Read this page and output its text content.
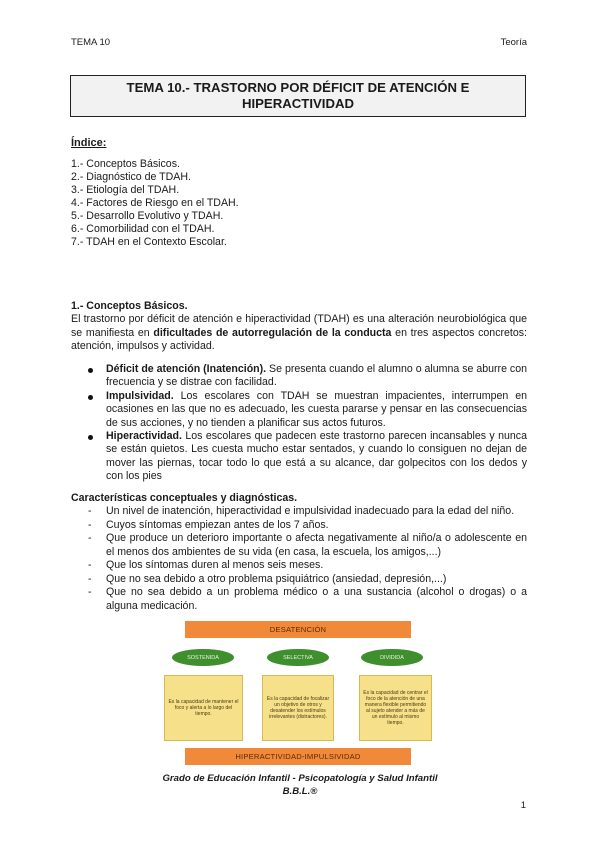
TEMA 10	Teoría
TEMA 10.- TRASTORNO POR DÉFICIT DE ATENCIÓN E
HIPERACTIVIDAD
Índice:
1.- Conceptos Básicos.
2.- Diagnóstico de TDAH.
3.- Etiología del TDAH.
4.- Factores de Riesgo en el TDAH.
5.- Desarrollo Evolutivo y TDAH.
6.- Comorbilidad con el TDAH.
7.- TDAH en el Contexto Escolar.
1.- Conceptos Básicos.

El trastorno por déficit de atención e hiperactividad (TDAH) es una alteración neurobiológica que se manifiesta en dificultades de autorregulación de la conducta en tres aspectos concretos: atención, impulsos y actividad.

Déficit de atención (Inatención). Se presenta cuando el alumno o alumna se aburre con frecuencia y se distrae con facilidad.
Impulsividad. Los escolares con TDAH se muestran impacientes, interrumpen en ocasiones en las que no es adecuado, les cuesta pararse y pensar en las consecuencias de sus acciones, y no tienden a planificar sus actos futuros.
Hiperactividad. Los escolares que padecen este trastorno parecen incansables y nunca se están quietos. Les cuesta mucho estar sentados, y cuando lo consiguen no dejan de mover las piernas, tocar todo lo que está a su alcance, dar golpecitos con los dedos y con los pies
Características conceptuales y diagnósticas.
- Un nivel de inatención, hiperactividad e impulsividad inadecuado para la edad del niño.
- Cuyos síntomas empiezan antes de los 7 años.
- Que produce un deterioro importante o afecta negativamente al niño/a o adolescente en el menos dos ambientes de su vida (en casa, la escuela, los amigos,...)
- Que los síntomas duren al menos seis meses.
- Que no sea debido a otro problema psiquiátrico (ansiedad, depresión,...)
- Que no sea debido a un problema médico o a una sustancia (alcohol o drogas) o a alguna medicación.
DESATENCIÓN
SOSTENIDA	SELECTIVA	DIVIDIDA
Es la capacidad de mantener el foco y alerta a lo largo del tiempo.
Es la capacidad de focalizar un objetivo de otros y desatender los estímulos irrelevantes (distractores).
Es la capacidad de centrar el foco de la atención de una manera flexible permitiendo al sujeto atender a más de un estímulo al mismo tiempo.
HIPERACTIVIDAD-IMPULSIVIDAD
Grado de Educación Infantil - Psicopatología y Salud Infantil
B.B.L.®
1
